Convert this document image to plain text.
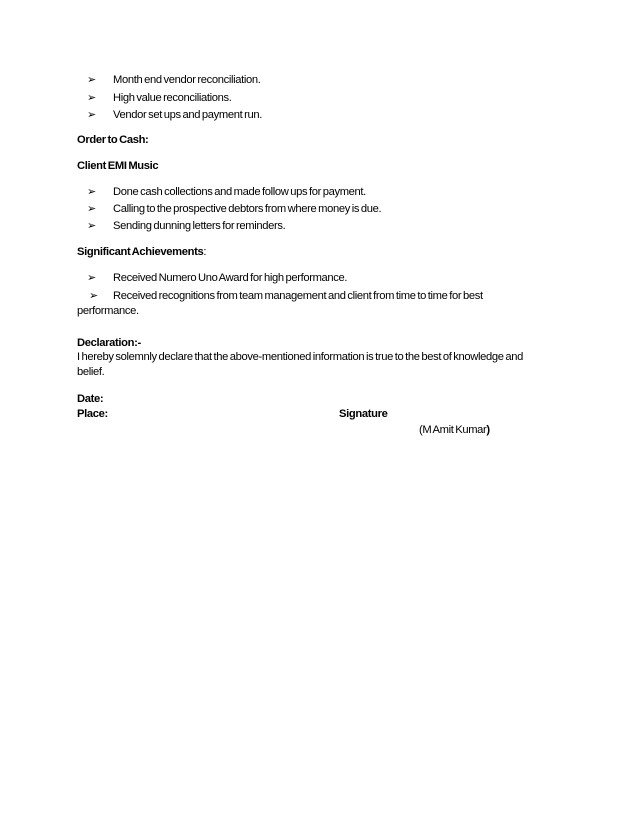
➢ Month end vendor reconciliation.
➢ High value reconciliations.
➢ Vendor set ups and payment run.
Order to Cash:
Client EMI Music
➢ Done cash collections and made follow ups for payment.
➢ Calling to the prospective debtors from where money is due.
➢ Sending dunning letters for reminders.
Significant Achievements:
➢ Received Numero Uno Award for high performance.
➢ Received recognitions from team management and client from time to time for best
performance.
Declaration:-
I hereby solemnly declare that the above-mentioned information is true to the best of knowledge and
belief.
Date:
Place:	Signature
(M Amit Kumar)
